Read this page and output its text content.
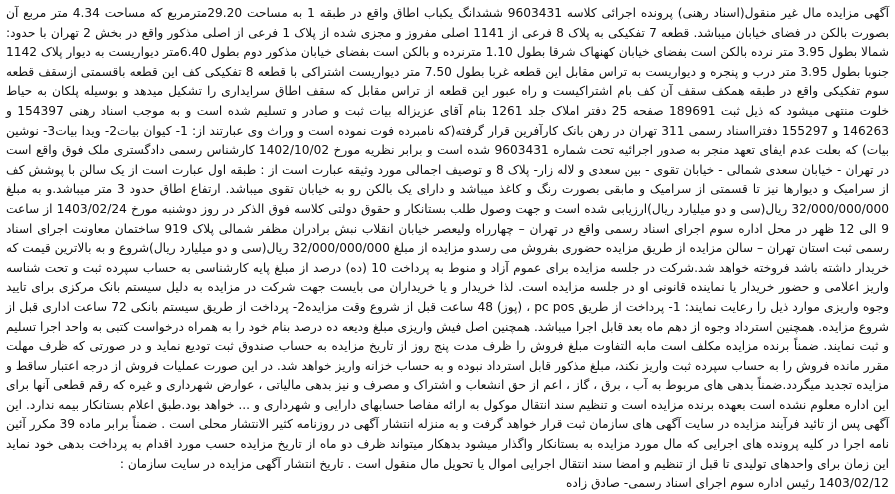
آگهی مزایده مال غیر منقول(اسناد رهنی) پرونده اجرائی کلاسه 9603431 ششدانگ یکباب اطاق واقع در طبقه 1 به مساحت 29.20مترمربع که مساحت 4.34 متر مربع آن بصورت بالکن در فضای خیابان میباشد. قطعه 7 تفکیکی به پلاک 8 فرعی از 1141 اصلی مفروز و مجزی شده از پلاک 1 فرعی از اصلی مذکور واقع در بخش 2 تهران با حدود: شمالا بطول 3.95 متر نرده بالکن است بفضای خیابان کهنهاک شرقا بطول 1.10 مترنرده و بالکن است بفضای خیابان مذکور دوم بطول 6.40متر دیواریست به دیوار پلاک 1142 جنوبا بطول 3.95 متر درب و پنجره و دیواریست به تراس مقابل این قطعه غربا بطول 7.50 متر دیواریست اشتراکی با قطعه 8 تفکیکی کف این قطعه باقسمتی ازسقف قطعه سوم تفکیکی واقع در طبقه همکف سقف آن کف بام اشتراکیست و راه عبور این قطعه از تراس مقابل که سقف اطاق سرایداری را تشکیل میدهد و بوسیله پلکان به حیاط خلوت منتهی میشود که ذیل ثبت 189691 صفحه 25 دفتر املاک جلد 1261 بنام آقای عزیزاله بیات ثبت و صادر و تسلیم شده است و به موجب اسناد رهنی 154397 و 146263 و 155297 دفترااسناد رسمی 311 تهران در رهن بانک کارآفرین قرار گرفته(که نامبرده فوت نموده است و وراث وی عبارتند از: 1- کیوان بیات2- ویدا بیات3- نوشین بیات) که بعلت عدم ایفای تعهد منجر به صدور اجرائیه تحت شماره 9603431 شده است و برابر نظریه مورخ 1402/10/02 کارشناس رسمی دادگستری ملک فوق واقع است در تهران - خیابان سعدی شمالی - خیابان تقوی - بین سعدی و لاله زار- پلاک 8 و توصیف اجمالی مورد وثیقه عبارت است از : طبقه اول عبارت است از یک سالن با پوشش کف از سرامیک و دیوارها نیز تا قسمتی از سرامیک و مابقی بصورت رنگ و کاغذ میباشد و دارای یک بالکن رو به خیابان تقوی میباشد. ارتفاع اطاق حدود 3 متر میباشد.و به مبلغ 32/000/000/000 ریال(سی و دو میلیارد ریال)ارزیابی شده است و جهت وصول طلب بستانکار و حقوق دولتی کلاسه فوق الذکر در روز دوشنبه مورخ 1403/02/24 از ساعت 9 الی 12 ظهر در محل اداره سوم اجرای اسناد رسمی واقع در تهران – چهارراه ولیعصر خیابان انقلاب نبش برادران مظفر شمالی پلاک 919 ساختمان معاونت اجرای اسناد رسمی ثبت استان تهران – سالن مزایده از طریق مزایده حضوری بفروش می رسدو مزایده از مبلغ 32/000/000/000 ریال(سی و دو میلیارد ریال)شروع و به بالاترین قیمت که خریدار داشته باشد فروخته خواهد شد.شرکت در جلسه مزایده برای عموم آزاد و منوط به پرداخت 10 (ده) درصد از مبلغ پایه کارشناسی به حساب سپرده ثبت و تحت شناسه واریز اعلامی و حضور خریدار یا نماینده قانونی او در جلسه مزایده است. لذا خریدار و یا خریداران می بایست جهت شرکت در مزایده به دلیل سیستم بانک مرکزی برای تایید وجوه واریزی موارد ذیل را رعایت نمایند: 1- پرداخت از طریق pc pos ، (پوز) 48 ساعت قبل از شروع وقت مزایده2- پرداخت از طریق سیستم بانکی 72 ساعت اداری قبل از شروع مزایده. همچنین استرداد وجوه از دهم ماه بعد قابل اجرا میباشد. همچنین اصل فیش واریزی مبلغ ودیعه ده درصد بنام خود را به همراه درخواست کتبی به واحد اجرا تسلیم و ثبت نمایند. ضمناً برنده مزایده مکلف است مابه التفاوت مبلغ فروش را ظرف مدت پنج روز از تاریخ مزایده به حساب صندوق ثبت تودیع نماید و در صورتی که ظرف مهلت مقرر مانده فروش را به حساب سپرده ثبت واریز نکند، مبلغ مذکور قابل استرداد نبوده و به حساب خزانه واریز خواهد شد. در این صورت عملیات فروش از درجه اعتبار ساقط و مزایده تجدید میگردد.ضمناً بدهی های مربوط به آب ، برق ، گاز ، اعم از حق انشعاب و اشتراک و مصرف و نیز بدهی مالیاتی ، عوارض شهرداری و غیره که رقم قطعی آنها برای این اداره معلوم نشده است بعهده برنده مزایده است و تنظیم سند انتقال موکول به ارائه مفاصا حسابهای دارایی و شهرداری و ... خواهد بود.طبق اعلام بستانکار بیمه ندارد. این آگهی پس از تائید فرآیند مزایده در سایت آگهی های سازمان ثبت قرار خواهد گرفت و به منزله انتشار آگهی در روزنامه کثیر الانتشار محلی است . ضمناً برابر ماده 39 مکرر آئین نامه اجرا در کلیه پرونده های اجرایی که مال مورد مزایده به بستانکار واگذار میشود بدهکار میتواند ظرف دو ماه از تاریخ مزایده حسب مورد اقدام به پرداخت بدهی خود نماید این زمان برای واحدهای تولیدی تا قبل از تنظیم و امضا سند انتقال اجرایی اموال یا تحویل مال منقول است . تاریخ انتشار آگهی مزایده در سایت سازمان :

1403/02/12 رئیس اداره سوم اجرای اسناد رسمی- صادق زاده
